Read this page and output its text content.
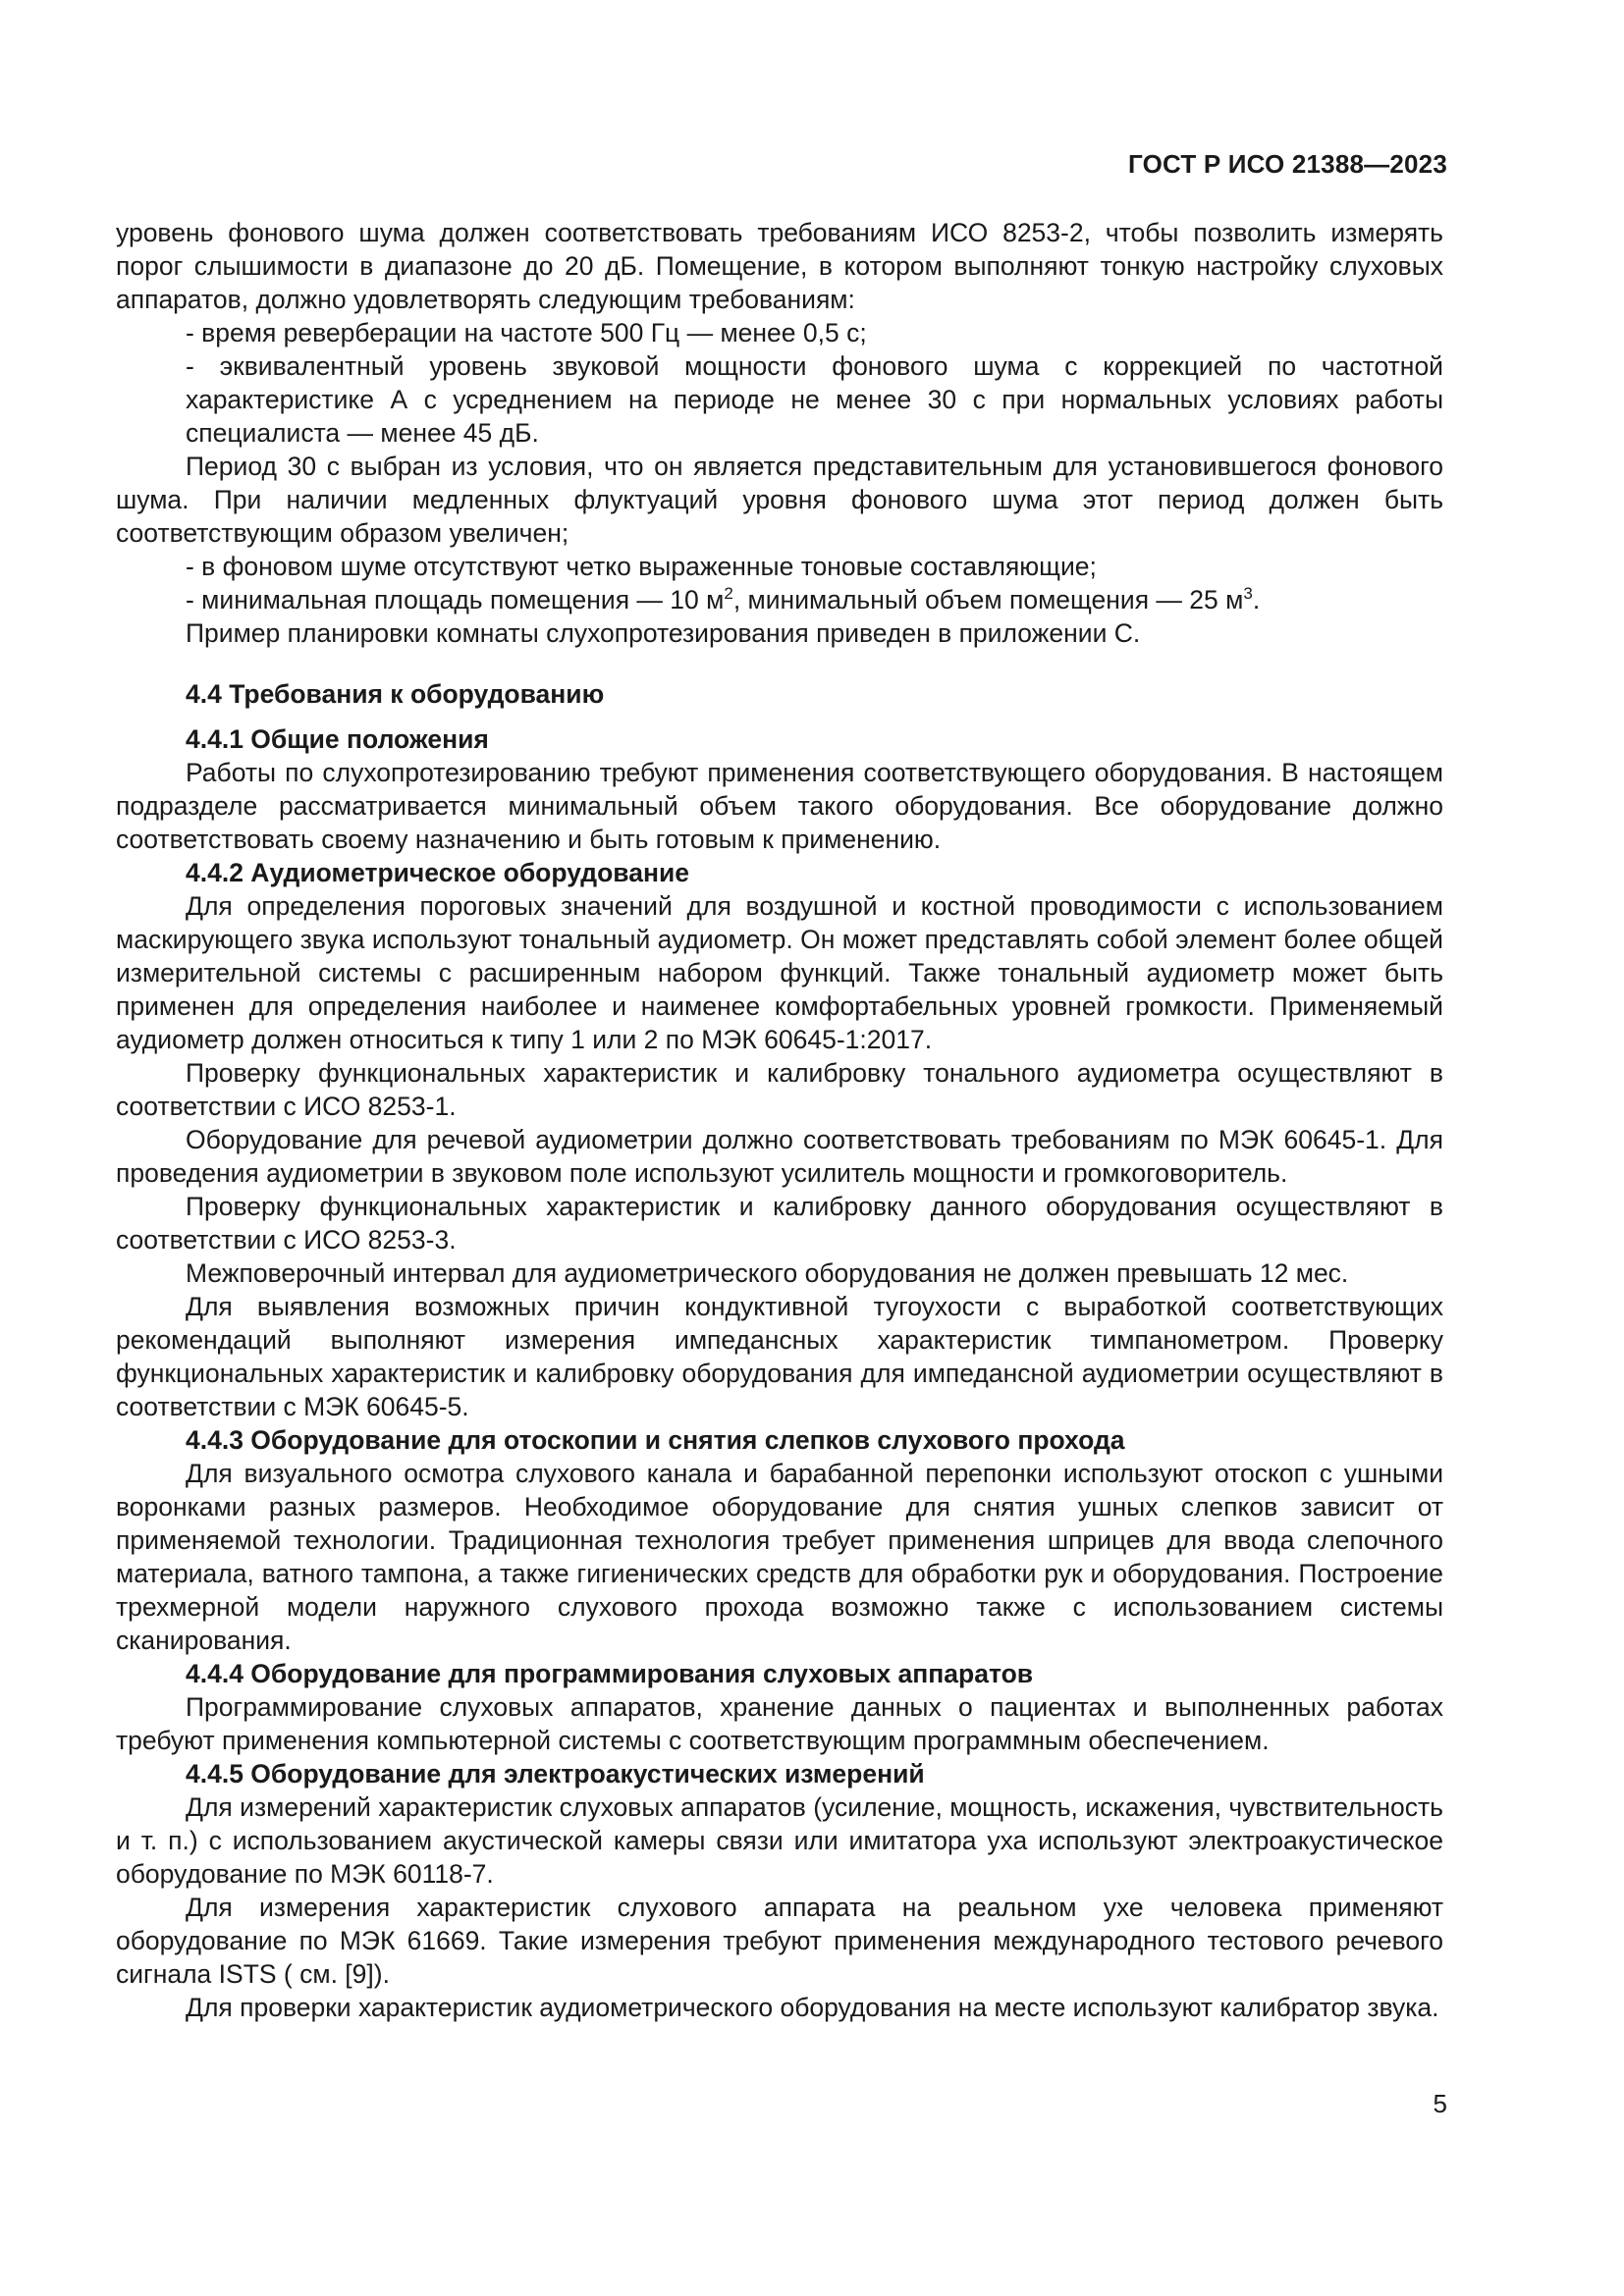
ГОСТ Р ИСО 21388—2023

уровень фонового шума должен соответствовать требованиям ИСО 8253-2, чтобы позволить измерять порог слышимости в диапазоне до 20 дБ. Помещение, в котором выполняют тонкую настройку слуховых аппаратов, должно удовлетворять следующим требованиям:

- время реверберации на частоте 500 Гц — менее 0,5 с;

- эквивалентный уровень звуковой мощности фонового шума с коррекцией по частотной характеристике А с усреднением на периоде не менее 30 с при нормальных условиях работы специалиста — менее 45 дБ.

Период 30 с выбран из условия, что он является представительным для установившегося фонового шума. При наличии медленных флуктуаций уровня фонового шума этот период должен быть соответствующим образом увеличен;

- в фоновом шуме отсутствуют четко выраженные тоновые составляющие;

- минимальная площадь помещения — 10 $м^2$, минимальный объем помещения — 25 $м^3$.

Пример планировки комнаты слухопротезирования приведен в приложении С.

4.4 Требования к оборудованию

4.4.1 Общие положения

Работы по слухопротезированию требуют применения соответствующего оборудования. В настоящем подразделе рассматривается минимальный объем такого оборудования. Все оборудование должно соответствовать своему назначению и быть готовым к применению.

4.4.2 Аудиометрическое оборудование

Для определения пороговых значений для воздушной и костной проводимости с использованием маскирующего звука используют тональный аудиометр. Он может представлять собой элемент более общей измерительной системы с расширенным набором функций. Также тональный аудиометр может быть применен для определения наиболее и наименее комфортабельных уровней громкости. Применяемый аудиометр должен относиться к типу 1 или 2 по МЭК 60645-1:2017.

Проверку функциональных характеристик и калибровку тонального аудиометра осуществляют в соответствии с ИСО 8253-1.

Оборудование для речевой аудиометрии должно соответствовать требованиям по МЭК 60645-1. Для проведения аудиометрии в звуковом поле используют усилитель мощности и громкоговоритель.

Проверку функциональных характеристик и калибровку данного оборудования осуществляют в соответствии с ИСО 8253-3.

Межповерочный интервал для аудиометрического оборудования не должен превышать 12 мес.

Для выявления возможных причин кондуктивной тугоухости с выработкой соответствующих рекомендаций выполняют измерения импедансных характеристик тимпанометром. Проверку функциональных характеристик и калибровку оборудования для импедансной аудиометрии осуществляют в соответствии с МЭК 60645-5.

4.4.3 Оборудование для отоскопии и снятия слепков слухового прохода

Для визуального осмотра слухового канала и барабанной перепонки используют отоскоп с ушными воронками разных размеров. Необходимое оборудование для снятия ушных слепков зависит от применяемой технологии. Традиционная технология требует применения шприцев для ввода слепочного материала, ватного тампона, а также гигиенических средств для обработки рук и оборудования. Построение трехмерной модели наружного слухового прохода возможно также с использованием системы сканирования.

4.4.4 Оборудование для программирования слуховых аппаратов

Программирование слуховых аппаратов, хранение данных о пациентах и выполненных работах требуют применения компьютерной системы с соответствующим программным обеспечением.

4.4.5 Оборудование для электроакустических измерений

Для измерений характеристик слуховых аппаратов (усиление, мощность, искажения, чувствительность и т. п.) с использованием акустической камеры связи или имитатора уха используют электроакустическое оборудование по МЭК 60118-7.

Для измерения характеристик слухового аппарата на реальном ухе человека применяют оборудование по МЭК 61669. Такие измерения требуют применения международного тестового речевого сигнала ISTS ( см. [9]).

Для проверки характеристик аудиометрического оборудования на месте используют калибратор звука.

5
